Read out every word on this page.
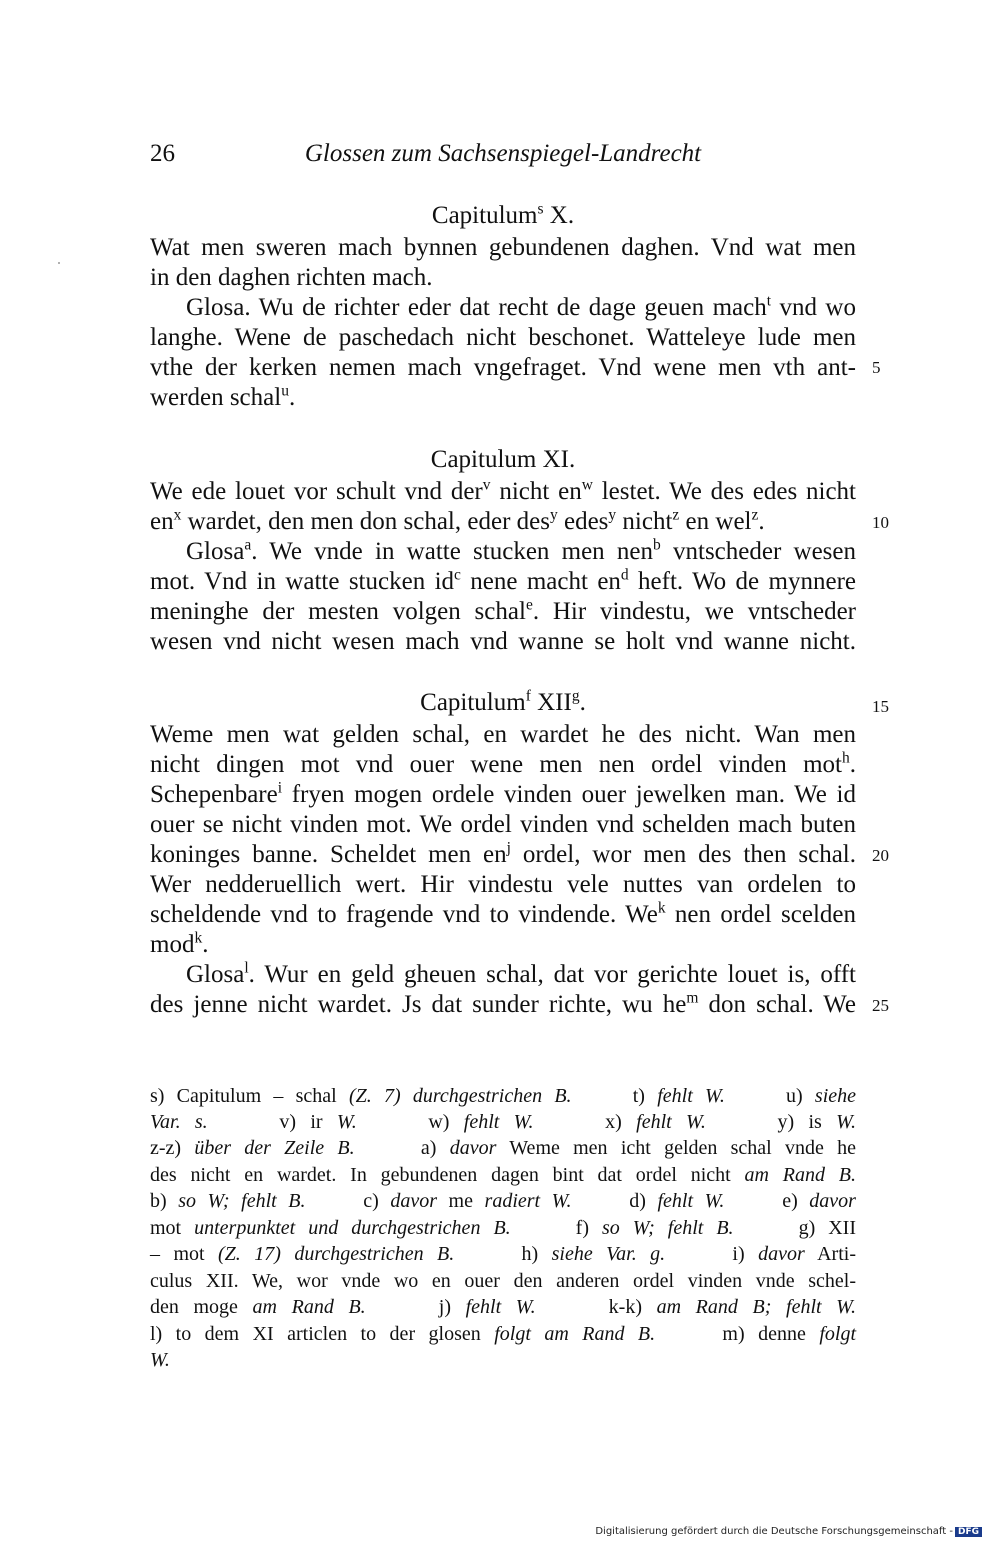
26	Glossen zum Sachsenspiegel-Landrecht
Capitulum$^s$ X.
Wat men sweren mach bynnen gebundenen daghen. Vnd wat men
in den daghen richten mach.
Glosa. Wu de richter eder dat recht de dage geuen mach$^t$ vnd wo
langhe. Wene de paschedach nicht beschonet. Watteleye lude men
vthe der kerken nemen mach vngefraget. Vnd wene men vth ant-
werden schal$^u$.
Capitulum XI.
We ede louet vor schult vnd der$^v$ nicht $en^w$ lestet. We des edes nicht
$en^x$ wardet, den men don schal, eder des$^y$ edes$^y$ nicht$^z$ en wel$^z$.
Glosa$^a$. We vnde in watte stucken men nen$^b$ vntscheder wesen
mot. Vnd in watte stucken $id^c$ nene macht $en^d$ heft. Wo de mynnere
meninghe der mesten volgen schal$^e$. Hir vindestu, we vntscheder
wesen vnd nicht wesen mach vnd wanne se holt vnd wanne nicht.
Capitulum$^f$ XII$^g$.
Weme men wat gelden schal, en wardet he des nicht. Wan men
nicht dingen mot vnd ouer wene men nen ordel vinden mot$^h$.
Schepenbare$^i$ fryen mogen ordele vinden ouer jewelken man. We id
ouer se nicht vinden mot. We ordel vinden vnd schelden mach buten
koninges banne. Scheldet men $en^j$ ordel, wor men des then schal.
Wer nedderuellich wert. Hir vindestu vele nuttes van ordelen to
scheldende vnd to fragende vnd to vindende. We$^k$ nen ordel scelden
mod$^k$.
Glosa$^l$. Wur en geld gheuen schal, dat vor gerichte louet is, offt
des jenne nicht wardet. Js dat sunder richte, wu $he^m$ don schal. We
5
10
15
20
25
s) Capitulum – schal (Z. 7) durchgestrichen B.     t) fehlt W.     u) siehe
Var. s.     v) ir W.     w) fehlt W.     x) fehlt W.     y) is W.
z-z) über der Zeile B.     a) davor Weme men icht gelden schal vnde he
des nicht en wardet. In gebundenen dagen bint dat ordel nicht am Rand B.
b) so W; fehlt B.     c) davor me radiert W.     d) fehlt W.     e) davor
mot unterpunktet und durchgestrichen B.     f) so W; fehlt B.     g) XII
– mot (Z. 17) durchgestrichen B.     h) siehe Var. g.     i) davor Arti-
culus XII. We, wor vnde wo en ouer den anderen ordel vinden vnde schel-
den moge am Rand B.     j) fehlt W.     k-k) am Rand B; fehlt W.
l) to dem XI articlen to der glosen folgt am Rand B.     m) denne folgt
W.
Digitalisierung gefördert durch die Deutsche Forschungsgemeinschaft - DFG
